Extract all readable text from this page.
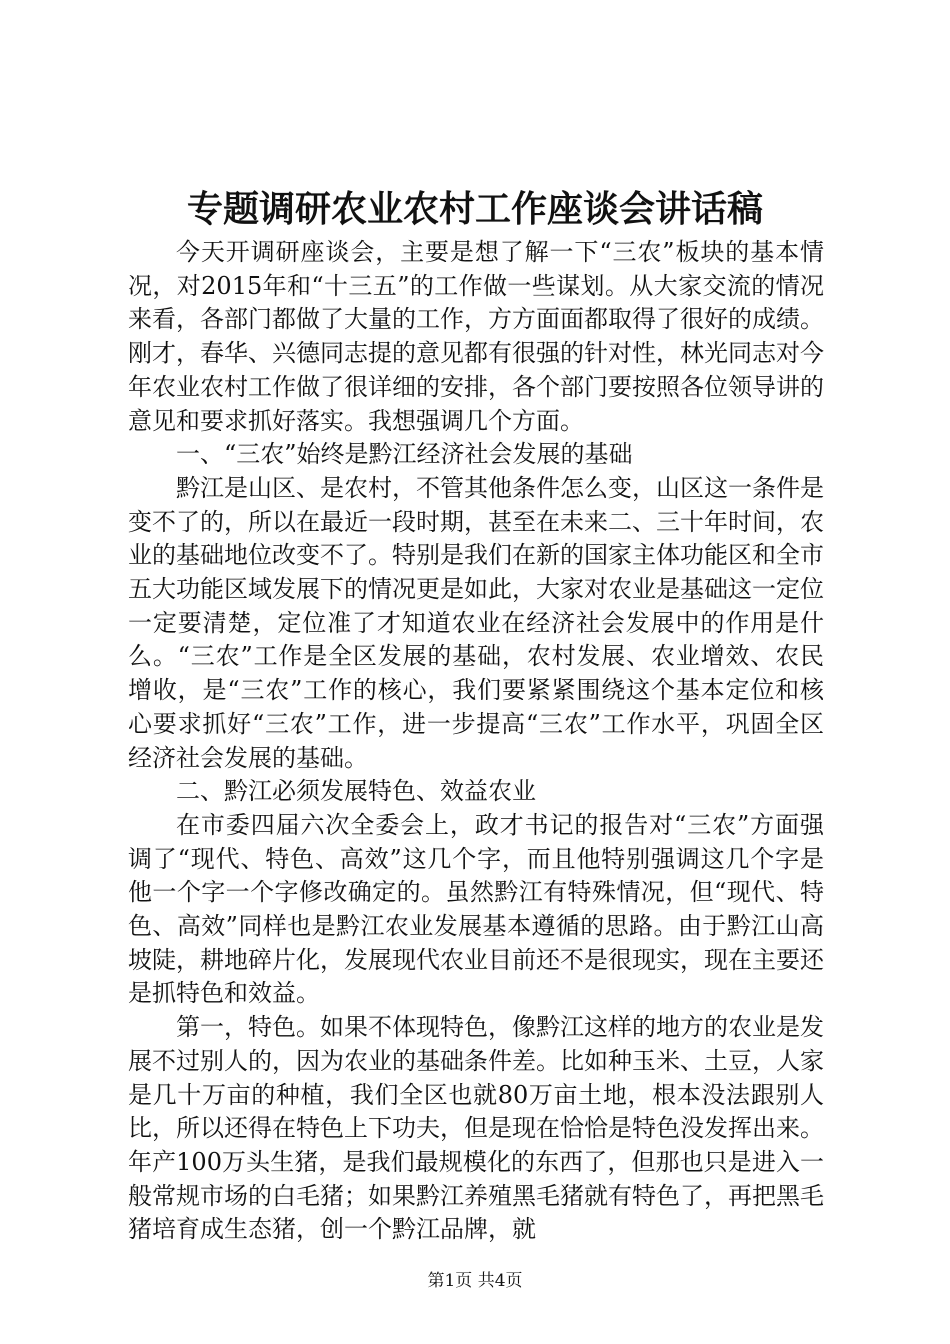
专题调研农业农村工作座谈会讲话稿

今天开调研座谈会，主要是想了解一下“三农”板块的基本情况，对2015年和“十三五”的工作做一些谋划。从大家交流的情况来看，各部门都做了大量的工作，方方面面都取得了很好的成绩。刚才，春华、兴德同志提的意见都有很强的针对性，林光同志对今年农业农村工作做了很详细的安排，各个部门要按照各位领导讲的意见和要求抓好落实。我想强调几个方面。

一、“三农”始终是黔江经济社会发展的基础

黔江是山区、是农村，不管其他条件怎么变，山区这一条件是变不了的，所以在最近一段时期，甚至在未来二、三十年时间，农业的基础地位改变不了。特别是我们在新的国家主体功能区和全市五大功能区域发展下的情况更是如此，大家对农业是基础这一定位一定要清楚，定位准了才知道农业在经济社会发展中的作用是什么。“三农”工作是全区发展的基础，农村发展、农业增效、农民增收，是“三农”工作的核心，我们要紧紧围绕这个基本定位和核心要求抓好“三农”工作，进一步提高“三农”工作水平，巩固全区经济社会发展的基础。

二、黔江必须发展特色、效益农业

在市委四届六次全委会上，政才书记的报告对“三农”方面强调了“现代、特色、高效”这几个字，而且他特别强调这几个字是他一个字一个字修改确定的。虽然黔江有特殊情况，但“现代、特色、高效”同样也是黔江农业发展基本遵循的思路。由于黔江山高坡陡，耕地碎片化，发展现代农业目前还不是很现实，现在主要还是抓特色和效益。

第一，特色。如果不体现特色，像黔江这样的地方的农业是发展不过别人的，因为农业的基础条件差。比如种玉米、土豆，人家是几十万亩的种植，我们全区也就80万亩土地，根本没法跟别人比，所以还得在特色上下功夫，但是现在恰恰是特色没发挥出来。年产100万头生猪，是我们最规模化的东西了，但那也只是进入一般常规市场的白毛猪；如果黔江养殖黑毛猪就有特色了，再把黑毛猪培育成生态猪，创一个黔江品牌，就

第1页 共4页
